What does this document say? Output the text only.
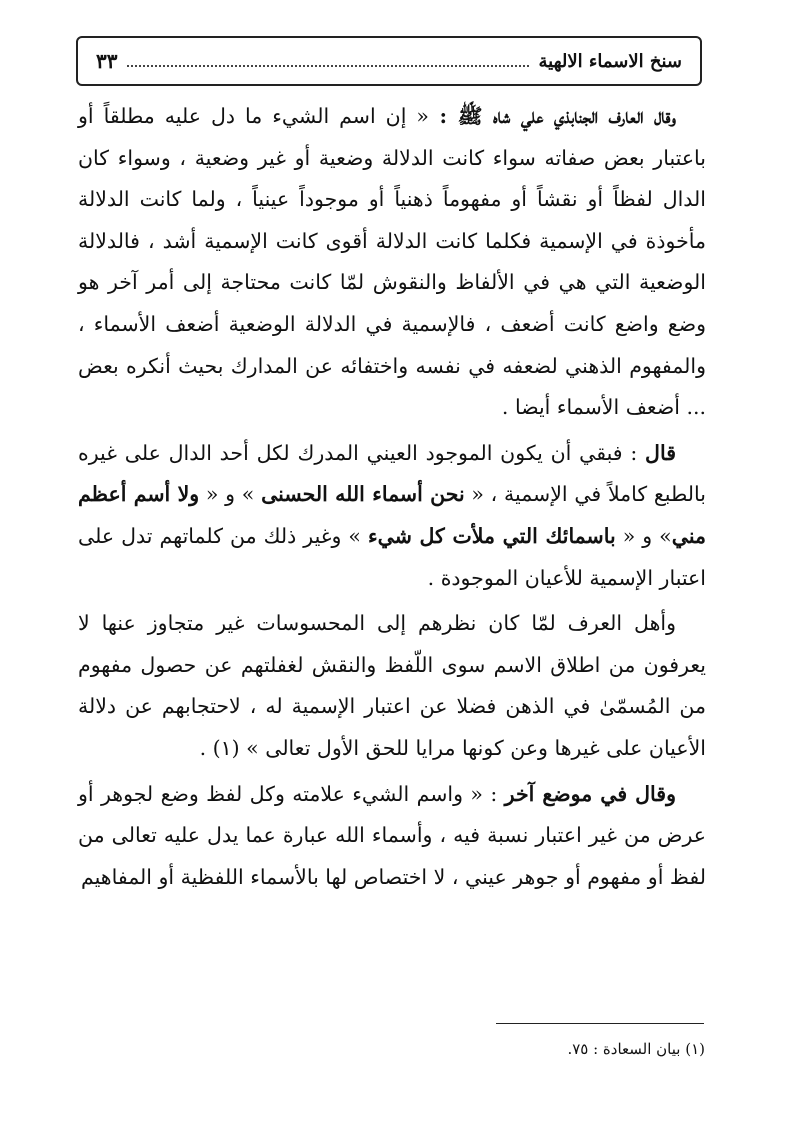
سنخ الاسماء الالهية
٣٣

وقال العارف الجنابذي علي شاه ﷺ : « إن اسم الشيء ما دل عليه مطلقاً أو باعتبار بعض صفاته سواء كانت الدلالة وضعية أو غير وضعية ، وسواء كان الدال لفظاً أو نقشاً أو مفهوماً ذهنياً أو موجوداً عينياً ، ولما كانت الدلالة مأخوذة في الإسمية فكلما كانت الدلالة أقوى كانت الإسمية أشد ، فالدلالة الوضعية التي هي في الألفاظ والنقوش لمّا كانت محتاجة إلى أمر آخر هو وضع واضع كانت أضعف ، فالإسمية في الدلالة الوضعية أضعف الأسماء ، والمفهوم الذهني لضعفه في نفسه واختفائه عن المدارك بحيث أنكره بعض ... أضعف الأسماء أيضا .

قال : فبقي أن يكون الموجود العيني المدرك لكل أحد الدال على غيره بالطبع كاملاً في الإسمية ، « نحن أسماء الله الحسنى » و « ولا أسم أعظم مني» و « باسمائك التي ملأت كل شيء » وغير ذلك من كلماتهم تدل على اعتبار الإسمية للأعيان الموجودة .

وأهل العرف لمّا كان نظرهم إلى المحسوسات غير متجاوز عنها لا يعرفون من اطلاق الاسم سوى اللّفظ والنقش لغفلتهم عن حصول مفهوم من المُسمّىٰ في الذهن فضلا عن اعتبار الإسمية له ، لاحتجابهم عن دلالة الأعيان على غيرها وعن كونها مرايا للحق الأول تعالى » (١) .

وقال في موضع آخر : « واسم الشيء علامته وكل لفظ وضع لجوهر أو عرض من غير اعتبار نسبة فيه ، وأسماء الله عبارة عما يدل عليه تعالى من لفظ أو مفهوم أو جوهر عيني ، لا اختصاص لها بالأسماء اللفظية أو المفاهيم

(١) بيان السعادة : ٧٥.
